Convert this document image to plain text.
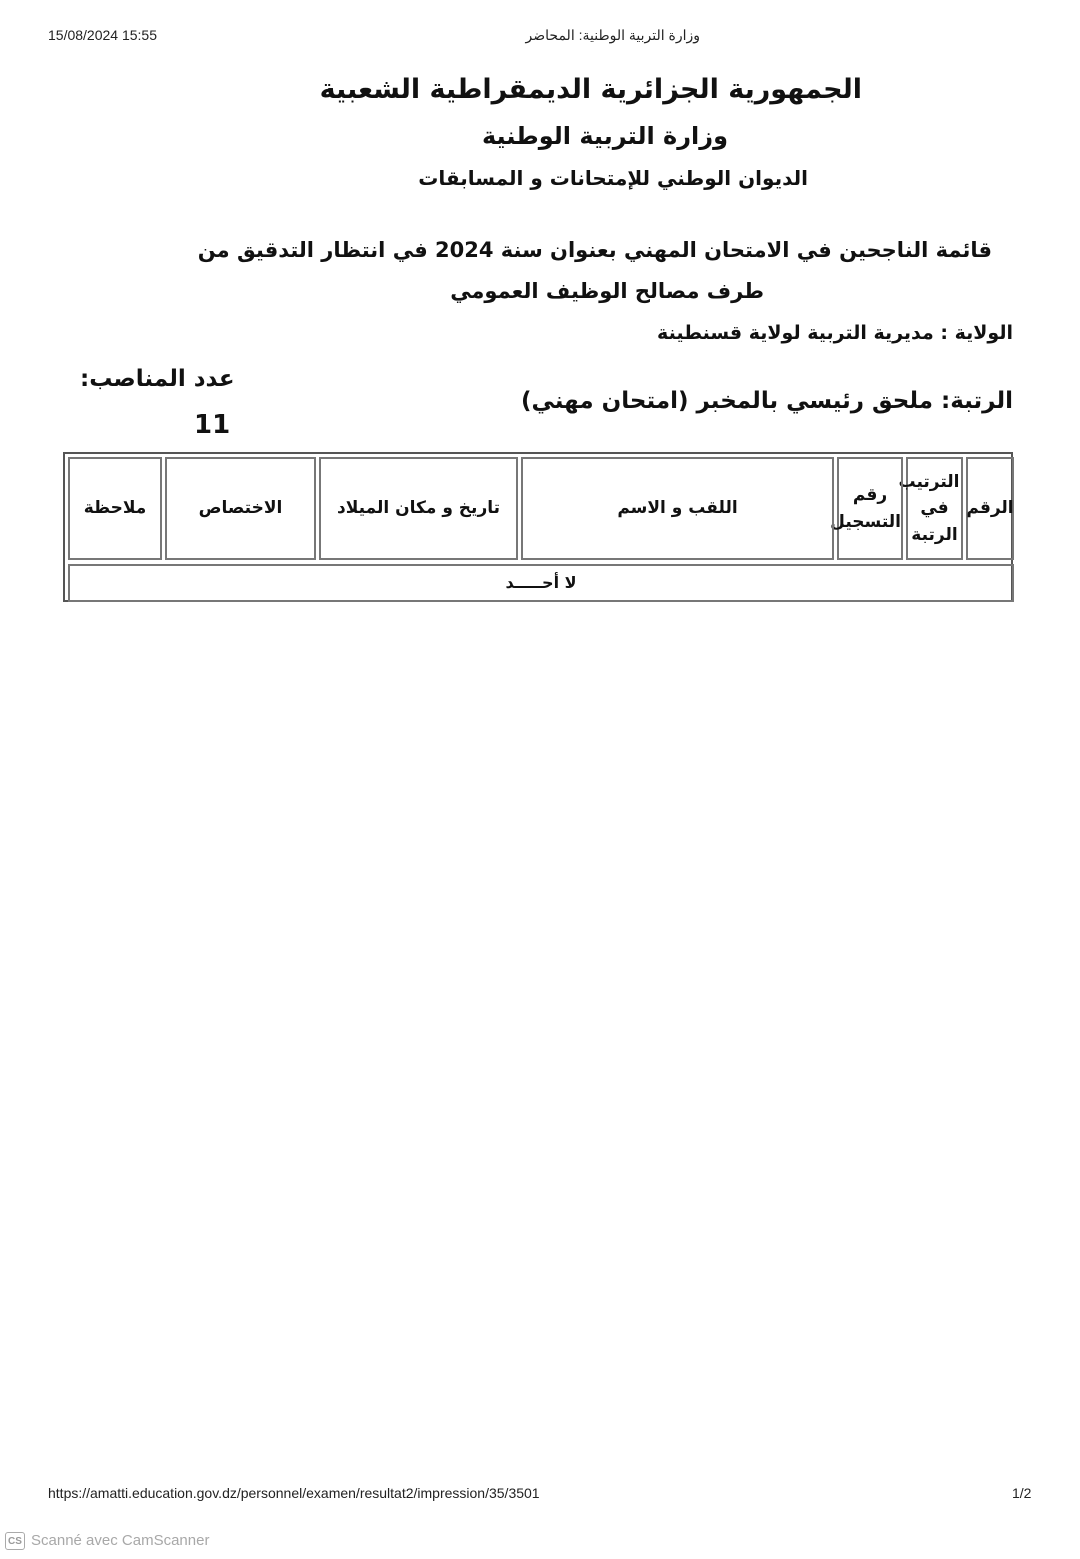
15/08/2024 15:55	وزارة التربية الوطنية: المحاضر
الجمهورية الجزائرية الديمقراطية الشعبية
وزارة التربية الوطنية
الديوان الوطني للإمتحانات و المسابقات
قائمة الناجحين في الامتحان المهني بعنوان سنة 2024 في انتظار التدقيق من
طرف مصالح الوظيف العمومي
الولاية : مديرية التربية لولاية قسنطينة
الرتبة: ملحق رئيسي بالمخبر (امتحان مهني)
عدد المناصب:
11
الرقم
الترتيب في الرتبة
رقم التسجيل
اللقب و الاسم
تاريخ و مكان الميلاد
الاختصاص
ملاحظة
لا أحـــــد
https://amatti.education.gov.dz/personnel/examen/resultat2/impression/35/3501	1/2
CS Scanné avec CamScanner
